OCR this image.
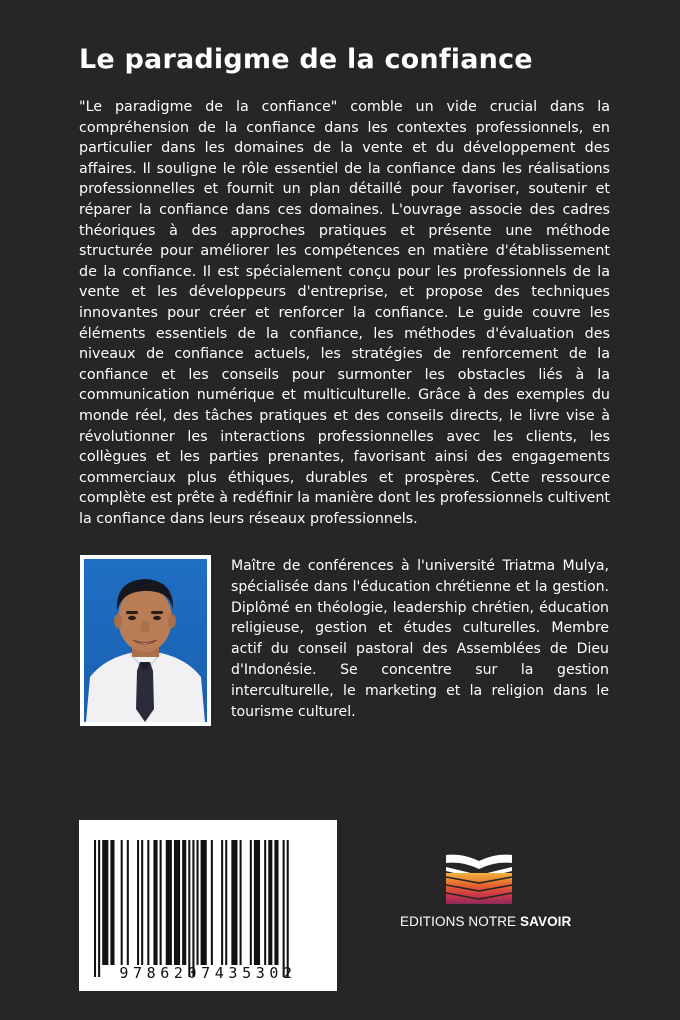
Le paradigme de la confiance

"Le paradigme de la confiance" comble un vide crucial dans la compréhension de la confiance dans les contextes professionnels, en particulier dans les domaines de la vente et du développement des affaires. Il souligne le rôle essentiel de la confiance dans les réalisations professionnelles et fournit un plan détaillé pour favoriser, soutenir et réparer la confiance dans ces domaines. L'ouvrage associe des cadres théoriques à des approches pratiques et présente une méthode structurée pour améliorer les compétences en matière d'établissement de la confiance. Il est spécialement conçu pour les professionnels de la vente et les développeurs d'entreprise, et propose des techniques innovantes pour créer et renforcer la confiance. Le guide couvre les éléments essentiels de la confiance, les méthodes d'évaluation des niveaux de confiance actuels, les stratégies de renforcement de la confiance et les conseils pour surmonter les obstacles liés à la communication numérique et multiculturelle. Grâce à des exemples du monde réel, des tâches pratiques et des conseils directs, le livre vise à révolutionner les interactions professionnelles avec les clients, les collègues et les parties prenantes, favorisant ainsi des engagements commerciaux plus éthiques, durables et prospères. Cette ressource complète est prête à redéfinir la manière dont les professionnels cultivent la confiance dans leurs réseaux professionnels.

Maître de conférences à l'université Triatma Mulya, spécialisée dans l'éducation chrétienne et la gestion. Diplômé en théologie, leadership chrétien, éducation religieuse, gestion et études culturelles. Membre actif du conseil pastoral des Assemblées de Dieu d'Indonésie. Se concentre sur la gestion interculturelle, le marketing et la religion dans le tourisme culturel.

9786207435302
EDITIONS NOTRE SAVOIR
